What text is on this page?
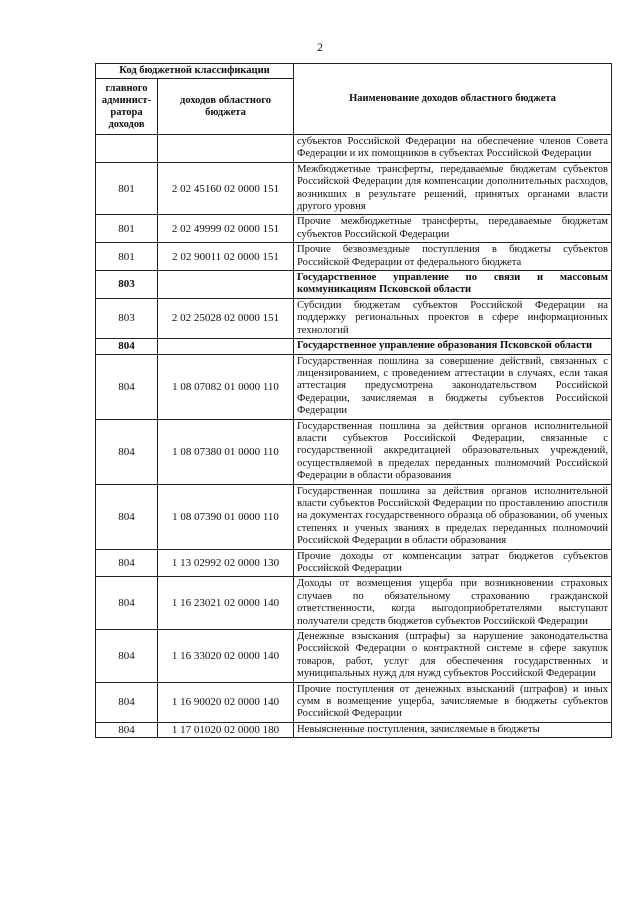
2
Код бюджетной классификации		Наименование доходов областного бюджета
главного админист-ратора доходов	доходов областного бюджета	
		субъектов Российской Федерации на обеспечение членов Совета Федерации и их помощников в субъектах Российской Федерации
801	2 02 45160 02 0000 151	Межбюджетные трансферты, передаваемые бюджетам субъектов Российской Федерации для компенсации дополнительных расходов, возникших в результате решений, принятых органами власти другого уровня
801	2 02 49999 02 0000 151	Прочие межбюджетные трансферты, передаваемые бюджетам субъектов Российской Федерации
801	2 02 90011 02 0000 151	Прочие безвозмездные поступления в бюджеты субъектов Российской Федерации от федерального бюджета
803		Государственное управление по связи и массовым коммуникациям Псковской области
803	2 02 25028 02 0000 151	Субсидии бюджетам субъектов Российской Федерации на поддержку региональных проектов в сфере информационных технологий
804		Государственное управление образования Псковской области
804	1 08 07082 01 0000 110	Государственная пошлина за совершение действий, связанных с лицензированием, с проведением аттестации в случаях, если такая аттестация предусмотрена законодательством Российской Федерации, зачисляемая в бюджеты субъектов Российской Федерации
804	1 08 07380 01 0000 110	Государственная пошлина за действия органов исполнительной власти субъектов Российской Федерации, связанные с государственной аккредитацией образовательных учреждений, осуществляемой в пределах переданных полномочий Российской Федерации в области образования
804	1 08 07390 01 0000 110	Государственная пошлина за действия органов исполнительной власти субъектов Российской Федерации по проставлению апостиля на документах государственного образца об образовании, об ученых степенях и ученых званиях в пределах переданных полномочий Российской Федерации в области образования
804	1 13 02992 02 0000 130	Прочие доходы от компенсации затрат бюджетов субъектов Российской Федерации
804	1 16 23021 02 0000 140	Доходы от возмещения ущерба при возникновении страховых случаев по обязательному страхованию гражданской ответственности, когда выгодоприобретателями выступают получатели средств бюджетов субъектов Российской Федерации
804	1 16 33020 02 0000 140	Денежные взыскания (штрафы) за нарушение законодательства Российской Федерации о контрактной системе в сфере закупок товаров, работ, услуг для обеспечения государственных и муниципальных нужд для нужд субъектов Российской Федерации
804	1 16 90020 02 0000 140	Прочие поступления от денежных взысканий (штрафов) и иных сумм в возмещение ущерба, зачисляемые в бюджеты субъектов Российской Федерации
804	1 17 01020 02 0000 180	Невыясненные поступления, зачисляемые в бюджеты
